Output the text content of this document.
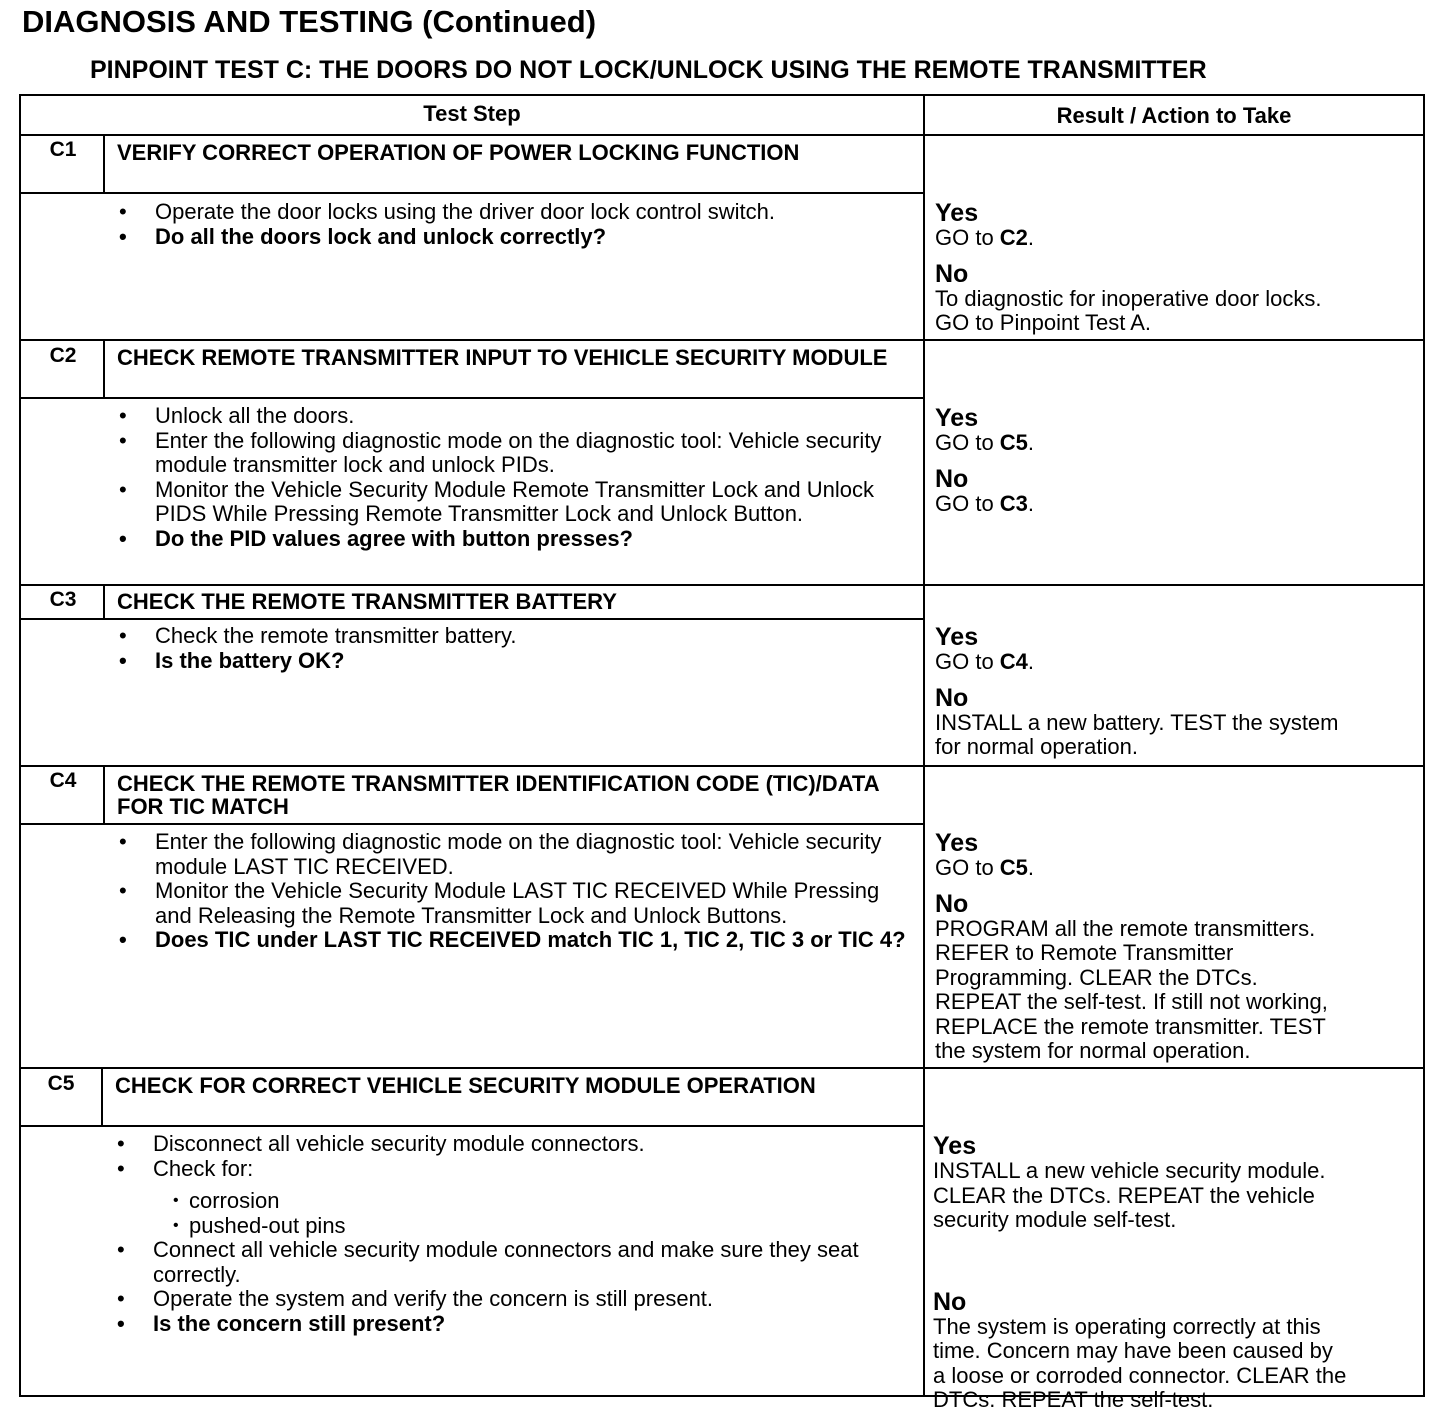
DIAGNOSIS AND TESTING (Continued)
PINPOINT TEST C: THE DOORS DO NOT LOCK/UNLOCK USING THE REMOTE TRANSMITTER
Test Step	Result / Action to Take
C1	VERIFY CORRECT OPERATION OF POWER LOCKING FUNCTION
• Operate the door locks using the driver door lock control switch.
• Do all the doors lock and unlock correctly?
Yes
GO to C2.
No
To diagnostic for inoperative door locks.
GO to Pinpoint Test A.
C2	CHECK REMOTE TRANSMITTER INPUT TO VEHICLE SECURITY MODULE
• Unlock all the doors.
• Enter the following diagnostic mode on the diagnostic tool: Vehicle security module transmitter lock and unlock PIDs.
• Monitor the Vehicle Security Module Remote Transmitter Lock and Unlock PIDS While Pressing Remote Transmitter Lock and Unlock Button.
• Do the PID values agree with button presses?
Yes
GO to C5.
No
GO to C3.
C3	CHECK THE REMOTE TRANSMITTER BATTERY
• Check the remote transmitter battery.
• Is the battery OK?
Yes
GO to C4.
No
INSTALL a new battery. TEST the system
for normal operation.
C4	CHECK THE REMOTE TRANSMITTER IDENTIFICATION CODE (TIC)/DATA FOR TIC MATCH
• Enter the following diagnostic mode on the diagnostic tool: Vehicle security module LAST TIC RECEIVED.
• Monitor the Vehicle Security Module LAST TIC RECEIVED While Pressing and Releasing the Remote Transmitter Lock and Unlock Buttons.
• Does TIC under LAST TIC RECEIVED match TIC 1, TIC 2, TIC 3 or TIC 4?
Yes
GO to C5.
No
PROGRAM all the remote transmitters.
REFER to Remote Transmitter
Programming. CLEAR the DTCs.
REPEAT the self-test. If still not working,
REPLACE the remote transmitter. TEST
the system for normal operation.
C5	CHECK FOR CORRECT VEHICLE SECURITY MODULE OPERATION
• Disconnect all vehicle security module connectors.
• Check for:
• corrosion
• pushed-out pins
• Connect all vehicle security module connectors and make sure they seat correctly.
• Operate the system and verify the concern is still present.
• Is the concern still present?
Yes
INSTALL a new vehicle security module.
CLEAR the DTCs. REPEAT the vehicle
security module self-test.
No
The system is operating correctly at this
time. Concern may have been caused by
a loose or corroded connector. CLEAR the
DTCs. REPEAT the self-test.
